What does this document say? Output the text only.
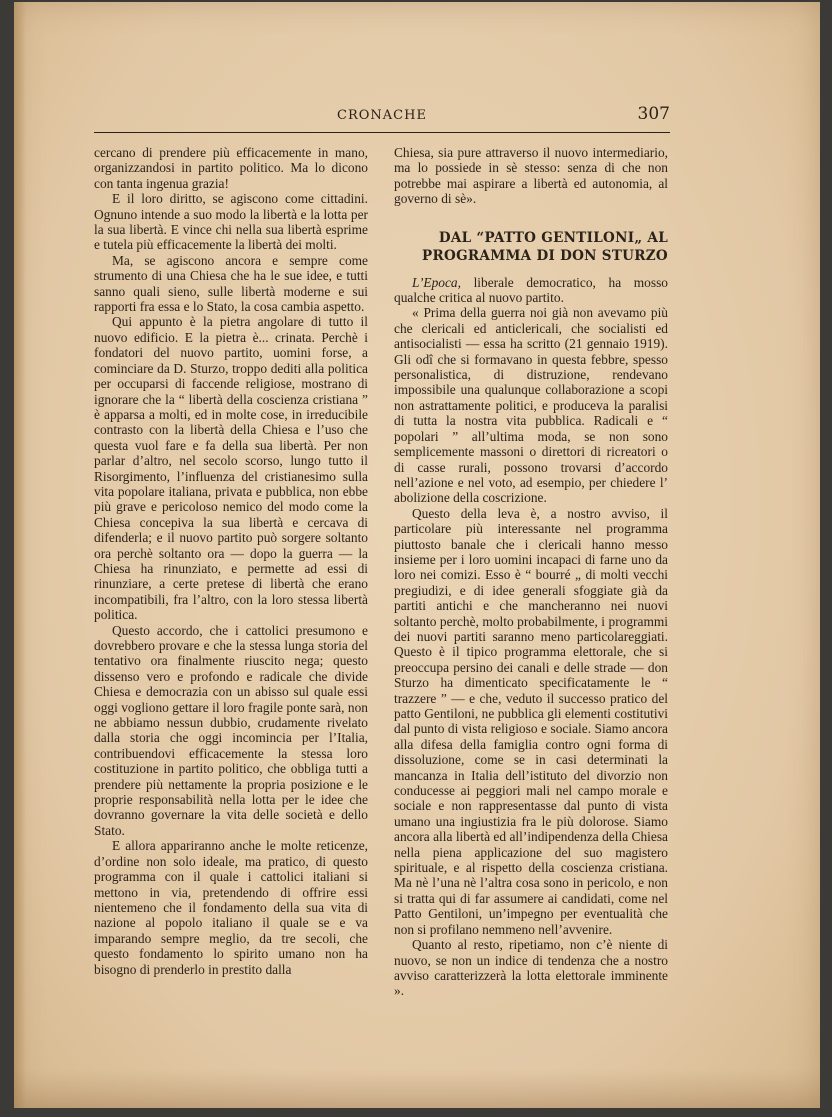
CRONACHE	307

cercano di prendere più efficacemente in mano, organizzandosi in partito politico. Ma lo dicono con tanta ingenua grazia!

E il loro diritto, se agiscono come cittadini. Ognuno intende a suo modo la libertà e la lotta per la sua libertà. E vince chi nella sua libertà esprime e tutela più efficacemente la libertà dei molti.

Ma, se agiscono ancora e sempre come strumento di una Chiesa che ha le sue idee, e tutti sanno quali sieno, sulle libertà moderne e sui rapporti fra essa e lo Stato, la cosa cambia aspetto.

Qui appunto è la pietra angolare di tutto il nuovo edificio. E la pietra è... crinata. Perchè i fondatori del nuovo partito, uomini forse, a cominciare da D. Sturzo, troppo dediti alla politica per occuparsi di faccende religiose, mostrano di ignorare che la “ libertà della coscienza cristiana ” è apparsa a molti, ed in molte cose, in irreducibile contrasto con la libertà della Chiesa e l’uso che questa vuol fare e fa della sua libertà. Per non parlar d’altro, nel secolo scorso, lungo tutto il Risorgimento, l’influenza del cristianesimo sulla vita popolare italiana, privata e pubblica, non ebbe più grave e pericoloso nemico del modo come la Chiesa concepiva la sua libertà e cercava di difenderla; e il nuovo partito può sorgere soltanto ora perchè soltanto ora — dopo la guerra — la Chiesa ha rinunziato, e permette ad essi di rinunziare, a certe pretese di libertà che erano incompatibili, fra l’altro, con la loro stessa libertà politica.

Questo accordo, che i cattolici presumono e dovrebbero provare e che la stessa lunga storia del tentativo ora finalmente riuscito nega; questo dissenso vero e profondo e radicale che divide Chiesa e democrazia con un abisso sul quale essi oggi vogliono gettare il loro fragile ponte sarà, non ne abbiamo nessun dubbio, crudamente rivelato dalla storia che oggi incomincia per l’Italia, contribuendovi efficacemente la stessa loro costituzione in partito politico, che obbliga tutti a prendere più nettamente la propria posizione e le proprie responsabilità nella lotta per le idee che dovranno governare la vita delle società e dello Stato.

E allora appariranno anche le molte reticenze, d’ordine non solo ideale, ma pratico, di questo programma con il quale i cattolici italiani si mettono in via, pretendendo di offrire essi nientemeno che il fondamento della sua vita di nazione al popolo italiano il quale se e va imparando sempre meglio, da tre secoli, che questo fondamento lo spirito umano non ha bisogno di prenderlo in prestito dalla

Chiesa, sia pure attraverso il nuovo intermediario, ma lo possiede in sè stesso: senza di che non potrebbe mai aspirare a libertà ed autonomia, al governo di sè».

DAL “PATTO GENTILONI„ AL
PROGRAMMA DI DON STURZO

L’Epoca, liberale democratico, ha mosso qualche critica al nuovo partito.

« Prima della guerra noi già non avevamo più che clericali ed anticlericali, che socialisti ed antisocialisti — essa ha scritto (21 gennaio 1919). Gli odî che si formavano in questa febbre, spesso personalistica, di distruzione, rendevano impossibile una qualunque collaborazione a scopi non astrattamente politici, e produceva la paralisi di tutta la nostra vita pubblica. Radicali e “ popolari ” all’ultima moda, se non sono semplicemente massoni o direttori di ricreatori o di casse rurali, possono trovarsi d’accordo nell’azione e nel voto, ad esempio, per chiedere l’ abolizione della coscrizione.

Questo della leva è, a nostro avviso, il particolare più interessante nel programma piuttosto banale che i clericali hanno messo insieme per i loro uomini incapaci di farne uno da loro nei comizi. Esso è “ bourré „ di molti vecchi pregiudizi, e di idee generali sfoggiate già da partiti antichi e che mancheranno nei nuovi soltanto perchè, molto probabilmente, i programmi dei nuovi partiti saranno meno particolareggiati. Questo è il tipico programma elettorale, che si preoccupa persino dei canali e delle strade — don Sturzo ha dimenticato specificatamente le “ trazzere ” — e che, veduto il successo pratico del patto Gentiloni, ne pubblica gli elementi costitutivi dal punto di vista religioso e sociale. Siamo ancora alla difesa della famiglia contro ogni forma di dissoluzione, come se in casi determinati la mancanza in Italia dell’istituto del divorzio non conducesse ai peggiori mali nel campo morale e sociale e non rappresentasse dal punto di vista umano una ingiustizia fra le più dolorose. Siamo ancora alla libertà ed all’indipendenza della Chiesa nella piena applicazione del suo magistero spirituale, e al rispetto della coscienza cristiana. Ma nè l’una nè l’altra cosa sono in pericolo, e non si tratta qui di far assumere ai candidati, come nel Patto Gentiloni, un’impegno per eventualità che non si profilano nemmeno nell’avvenire.

Quanto al resto, ripetiamo, non c’è niente di nuovo, se non un indice di tendenza che a nostro avviso caratterizzerà la lotta elettorale imminente ».
